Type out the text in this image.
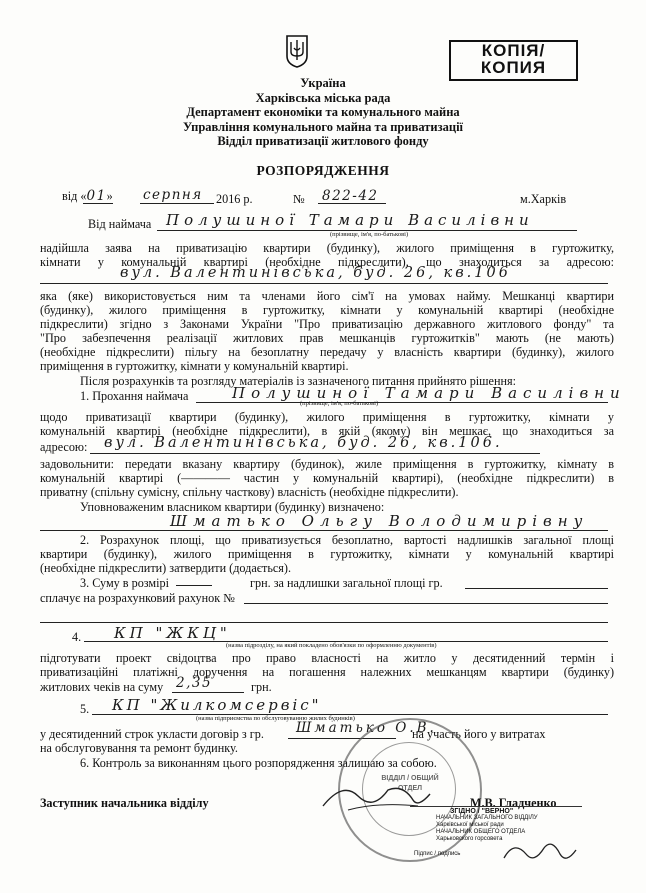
КОПІЯ/
КОПИЯ
Україна
Харківська міська рада
Департамент економіки та комунального майна
Управління комунального майна та приватизації
Відділ приватизації житлового фонду
РОЗПОРЯДЖЕННЯ
від «01» серпня 2016 р.	№ 822-42	м.Харків
Від наймача Полушиної Тамари Василівни
(прізвище, ім'я, по-батькові)
надійшла заява на приватизацію квартири (будинку), жилого приміщення в гуртожитку,
кімнати у комунальній квартирі (необхідне підкреслити), що знаходиться за адресою:
вул. Валентинівська, буд. 26, кв.106
яка (яке) використовується ним та членами його сім'ї на умовах найму. Мешканці квартири
(будинку), жилого приміщення в гуртожитку, кімнати у комунальній квартирі (необхідне
підкреслити) згідно з Законами України "Про приватизацію державного житлового фонду" та
"Про забезпечення реалізації житлових прав мешканців гуртожитків" мають (не мають)
(необхідне підкреслити) пільгу на безоплатну передачу у власність квартири (будинку), жилого
приміщення в гуртожитку, кімнати у комунальній квартирі.
Після розрахунків та розгляду матеріалів із зазначеного питання прийнято рішення:
1. Прохання наймача	Полушиної Тамари Василівни
(прізвище, ім'я, по-батькові)
щодо приватизації квартири (будинку), жилого приміщення в гуртожитку, кімнати у
комунальній квартирі (необхідне підкреслити), в якій (якому) він мешкає, що знаходиться за
адресою: вул. Валентинівська, буд. 26, кв.106.
задовольнити: передати вказану квартиру (будинок), жиле приміщення в гуртожитку, кімнату в
комунальній квартирі (———— частин у комунальній квартирі), (необхідне підкреслити) в
приватну (спільну сумісну, спільну часткову) власність (необхідне підкреслити).
Уповноваженим власником квартири (будинку) визначено:
Шматько Ольгу Володимирівну
2. Розрахунок площі, що приватизується безоплатно, вартості надлишків загальної площі
квартири (будинку), жилого приміщення в гуртожитку, кімнати у комунальній квартирі
(необхідне підкреслити) затвердити (додається).
3. Суму в розмірі	грн. за надлишки загальної площі гр.
сплачує на розрахунковий рахунок №
4. КП "ЖКЦ"
(назва підрозділу, на який покладено обов'язки по оформленню документів)
підготувати проект свідоцтва про право власності на житло у десятиденний термін і
приватизаційні платіжні доручення на погашення належних мешканцям квартири (будинку)
житлових чеків на суму 2,35	грн.
5. КП "Жилкомсервіс"
(назва підприємства по обслуговуванню жилих будинків)
у десятиденний строк укласти договір з гр. Шматько О.В.
на участь його у витратах
на обслуговування та ремонт будинку.
6. Контроль за виконанням цього розпорядження залишаю за собою.
ВІДДІЛ / ОБЩИЙ ОТДЕЛ
Заступник начальника відділу	М.В. Гладченко
ЗГІДНО / "ВЕРНО"
НАЧАЛЬНИК ЗАГАЛЬНОГО ВІДДІЛУ
Харківської міської ради
НАЧАЛЬНИК ОБЩЕГО ОТДЕЛА
Харьковского горсовета
Підпис / подпись
